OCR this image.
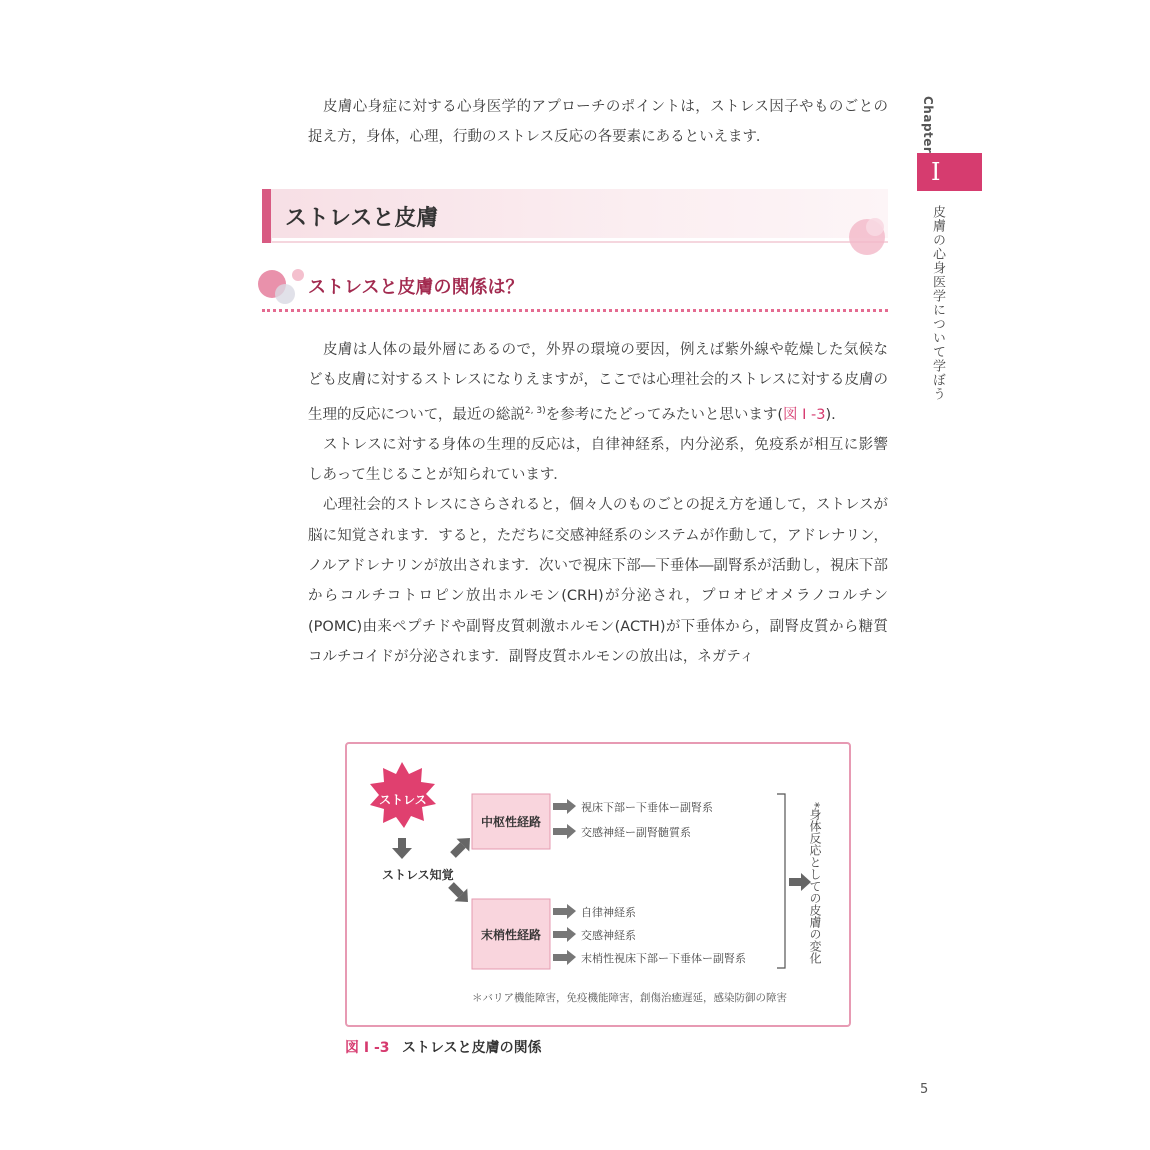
Chapter
I
皮膚の心身医学について学ぼう

皮膚心身症に対する心身医学的アプローチのポイントは，ストレス因子やものごとの捉え方，身体，心理，行動のストレス反応の各要素にあるといえます．

ストレスと皮膚
ストレスと皮膚の関係は？

皮膚は人体の最外層にあるので，外界の環境の要因，例えば紫外線や乾燥した気候なども皮膚に対するストレスになりえますが，ここでは心理社会的ストレスに対する皮膚の生理的反応について，最近の総説$^{2, 3)}$を参考にたどってみたいと思います(図 I -3).

ストレスに対する身体の生理的反応は，自律神経系，内分泌系，免疫系が相互に影響しあって生じることが知られています．

心理社会的ストレスにさらされると，個々人のものごとの捉え方を通して，ストレスが脳に知覚されます．すると，ただちに交感神経系のシステムが作動して，アドレナリン，ノルアドレナリンが放出されます．次いで視床下部―下垂体―副腎系が活動し，視床下部からコルチコトロピン放出ホルモン(CRH)が分泌され，プロオピオメラノコルチン(POMC)由来ペプチドや副腎皮質刺激ホルモン(ACTH)が下垂体から，副腎皮質から糖質コルチコイドが分泌されます．副腎皮質ホルモンの放出は，ネガティ

ストレス
ストレス知覚
中枢性経路
末梢性経路
視床下部ー下垂体ー副腎系
交感神経ー副腎髄質系
自律神経系
交感神経系
末梢性視床下部ー下垂体ー副腎系	*身体反応としての皮膚の変化
＊バリア機能障害，免疫機能障害，創傷治癒遅延，感染防御の障害
図 I -3 ストレスと皮膚の関係
5
